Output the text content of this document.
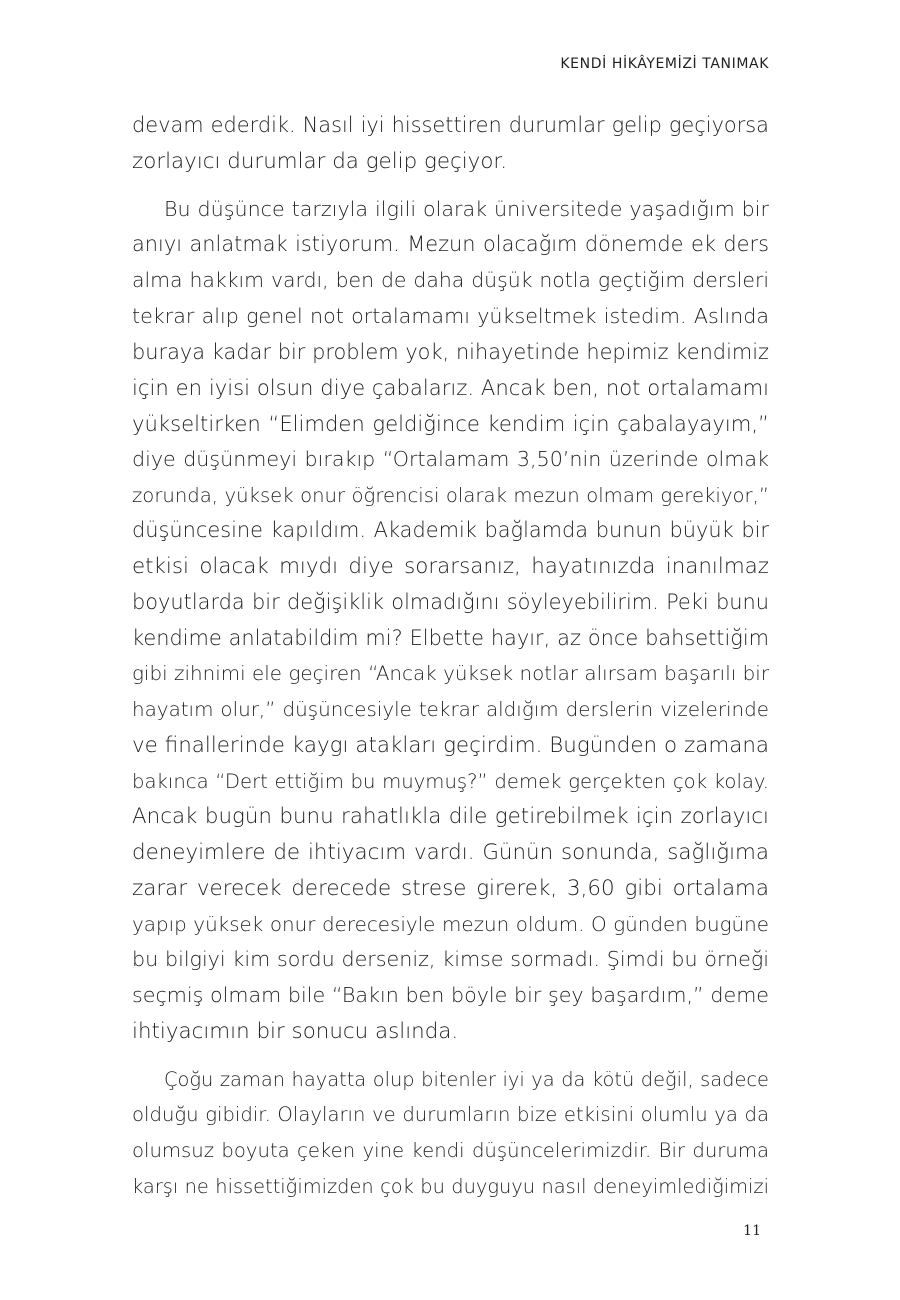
KENDİ HİKÂYEMİZİ TANIMAK
devam ederdik. Nasıl iyi hissettiren durumlar gelip geçiyorsa
zorlayıcı durumlar da gelip geçiyor.
Bu düşünce tarzıyla ilgili olarak üniversitede yaşadığım bir
anıyı anlatmak istiyorum. Mezun olacağım dönemde ek ders
alma hakkım vardı, ben de daha düşük notla geçtiğim dersleri
tekrar alıp genel not ortalamamı yükseltmek istedim. Aslında
buraya kadar bir problem yok, nihayetinde hepimiz kendimiz
için en iyisi olsun diye çabalarız. Ancak ben, not ortalamamı
yükseltirken “Elimden geldiğince kendim için çabalayayım,”
diye düşünmeyi bırakıp “Ortalamam 3,50’nin üzerinde olmak
zorunda, yüksek onur öğrencisi olarak mezun olmam gerekiyor,”
düşüncesine kapıldım. Akademik bağlamda bunun büyük bir
etkisi olacak mıydı diye sorarsanız, hayatınızda inanılmaz
boyutlarda bir değişiklik olmadığını söyleyebilirim. Peki bunu
kendime anlatabildim mi? Elbette hayır, az önce bahsettiğim
gibi zihnimi ele geçiren “Ancak yüksek notlar alırsam başarılı bir
hayatım olur,” düşüncesiyle tekrar aldığım derslerin vizelerinde
ve finallerinde kaygı atakları geçirdim. Bugünden o zamana
bakınca “Dert ettiğim bu muymuş?” demek gerçekten çok kolay.
Ancak bugün bunu rahatlıkla dile getirebilmek için zorlayıcı
deneyimlere de ihtiyacım vardı. Günün sonunda, sağlığıma
zarar verecek derecede strese girerek, 3,60 gibi ortalama
yapıp yüksek onur derecesiyle mezun oldum. O günden bugüne
bu bilgiyi kim sordu derseniz, kimse sormadı. Şimdi bu örneği
seçmiş olmam bile “Bakın ben böyle bir şey başardım,” deme
ihtiyacımın bir sonucu aslında.
Çoğu zaman hayatta olup bitenler iyi ya da kötü değil, sadece
olduğu gibidir. Olayların ve durumların bize etkisini olumlu ya da
olumsuz boyuta çeken yine kendi düşüncelerimizdir. Bir duruma
karşı ne hissettiğimizden çok bu duyguyu nasıl deneyimlediğimizi
11
